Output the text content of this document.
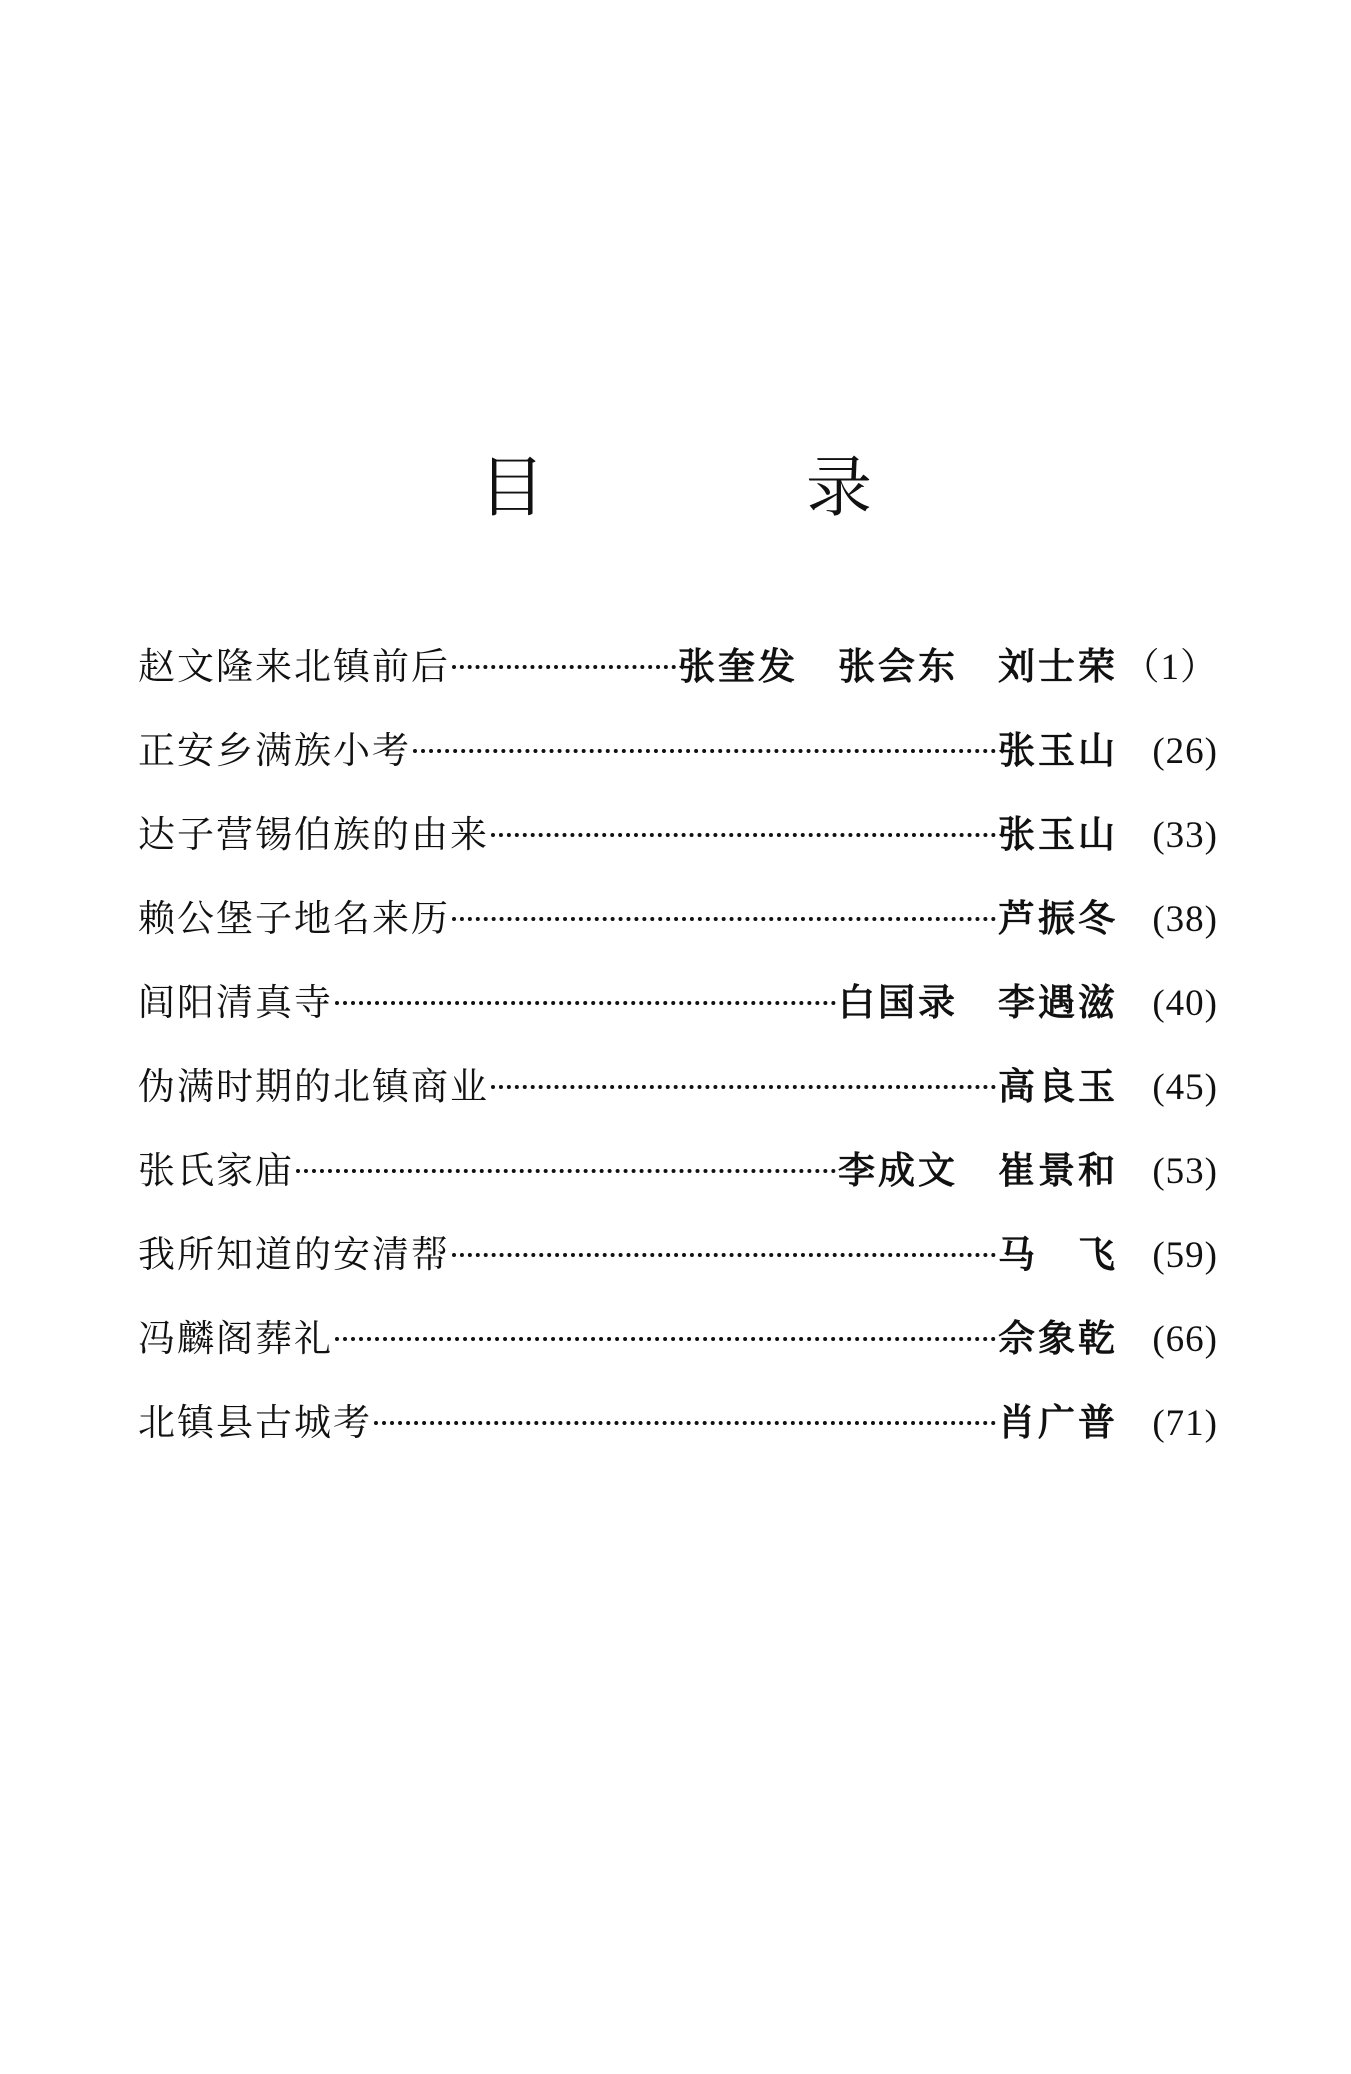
目 录
赵文隆来北镇前后	张奎发 张会东 刘士荣 （1）
正安乡满族小考	张玉山 (26)
达子营锡伯族的由来	张玉山 (33)
赖公堡子地名来历	芦振冬 (38)
闾阳清真寺	白国录 李遇滋 (40)
伪满时期的北镇商业	高良玉 (45)
张氏家庙	李成文 崔景和 (53)
我所知道的安清帮	马　飞 (59)
冯麟阁葬礼	佘象乾 (66)
北镇县古城考	肖广普 (71)
